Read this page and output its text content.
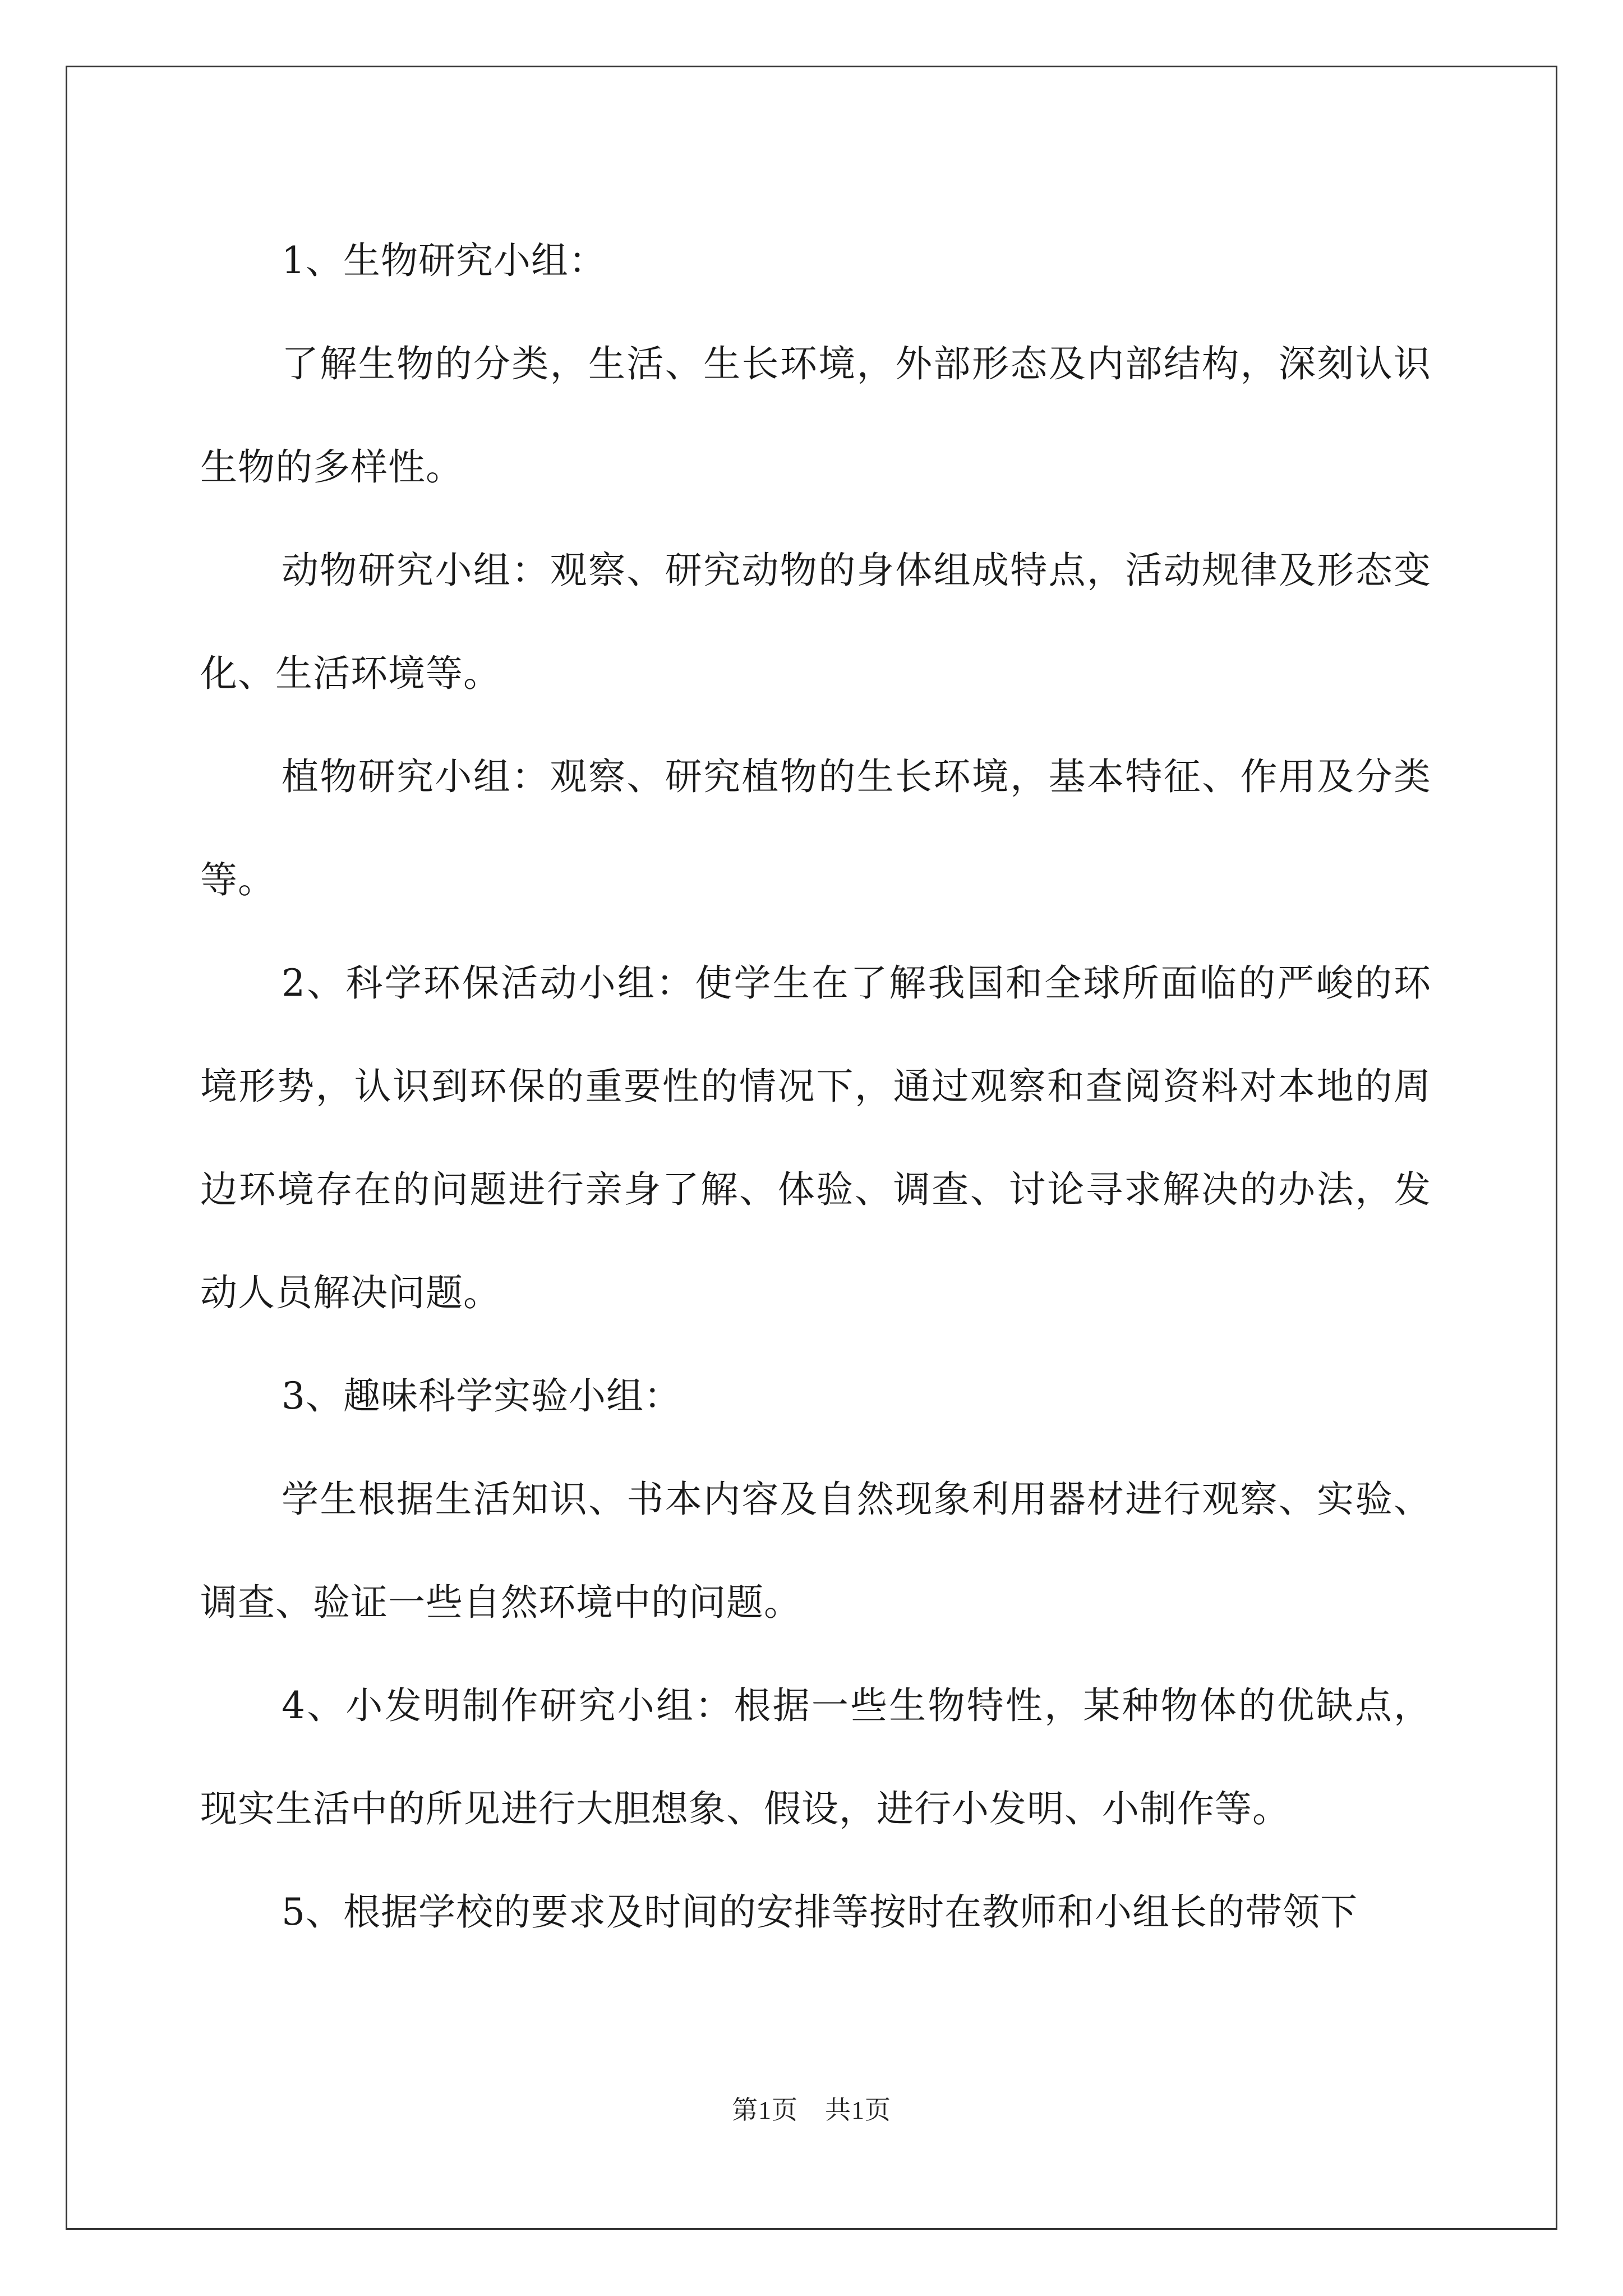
1、生物研究小组：

了解生物的分类，生活、生长环境，外部形态及内部结构，深刻认识生物的多样性。

动物研究小组：观察、研究动物的身体组成特点，活动规律及形态变化、生活环境等。

植物研究小组：观察、研究植物的生长环境，基本特征、作用及分类等。

2、科学环保活动小组：使学生在了解我国和全球所面临的严峻的环境形势，认识到环保的重要性的情况下，通过观察和查阅资料对本地的周边环境存在的问题进行亲身了解、体验、调查、讨论寻求解决的办法，发动人员解决问题。

3、趣味科学实验小组：

学生根据生活知识、书本内容及自然现象利用器材进行观察、实验、调查、验证一些自然环境中的问题。

4、小发明制作研究小组：根据一些生物特性，某种物体的优缺点，现实生活中的所见进行大胆想象、假设，进行小发明、小制作等。

5、根据学校的要求及时间的安排等按时在教师和小组长的带领下

第1页 共1页
